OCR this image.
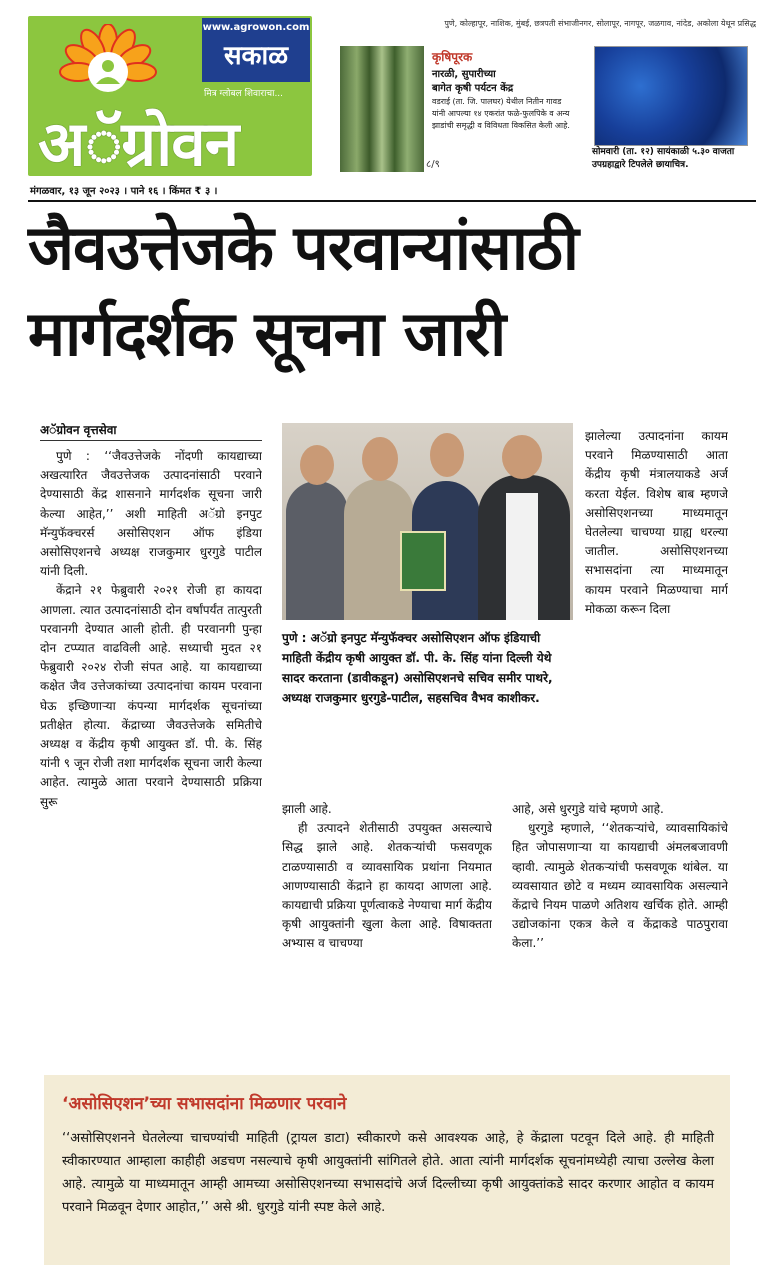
www.agrowon.com
सकाळ
मित्र ग्लोबल शिवाराचा...
अॅग्रोवन
पुणे, कोल्हापूर, नाशिक, मुंबई, छत्रपती संभाजीनगर, सोलापूर, नागपूर, जळगाव, नांदेड, अकोला येथून प्रसिद्ध
८/९
कृषिपूरक
नारळी, सुपारीच्या
बागेत कृषी पर्यटन केंद्र
वडराई (ता. जि. पालघर) येथील नितीन गावड यांनी आपल्या १४ एकरांत फळे-फुलपिके व अन्य झाडांची समृद्धी व विविधता विकसित केली आहे.
सोमवारी (ता. १२) सायंकाळी ५.३० वाजता उपग्रहाद्वारे टिपलेले छायाचित्र.
मंगळवार, १३ जून २०२३ । पाने १६ । किंमत ₹ ३ ।
जैवउत्तेजके परवान्यांसाठी
मार्गदर्शक सूचना जारी
अॅग्रोवन वृत्तसेवा

पुणे : ‘‘जैवउत्तेजके नोंदणी कायद्याच्या अखत्यारित जैवउत्तेजक उत्पादनांसाठी परवाने देण्यासाठी केंद्र शासनाने मार्गदर्शक सूचना जारी केल्या आहेत,’’ अशी माहिती अॅग्रो इनपुट मॅन्युफॅक्चरर्स असोसिएशन ऑफ इंडिया असोसिएशनचे अध्यक्ष राजकुमार धुरगुडे पाटील यांनी दिली.

केंद्राने २१ फेब्रुवारी २०२१ रोजी हा कायदा आणला. त्यात उत्पादनांसाठी दोन वर्षांपर्यंत तात्पुरती परवानगी देण्यात आली होती. ही परवानगी पुन्हा दोन टप्प्यात वाढविली आहे. सध्याची मुदत २१ फेब्रुवारी २०२४ रोजी संपत आहे. या कायद्याच्या कक्षेत जैव उत्तेजकांच्या उत्पादनांचा कायम परवाना घेऊ इच्छिणाऱ्या कंपन्या मार्गदर्शक सूचनांच्या प्रतीक्षेत होत्या. केंद्राच्या जैवउत्तेजके समितीचे अध्यक्ष व केंद्रीय कृषी आयुक्त डॉ. पी. के. सिंह यांनी ९ जून रोजी तशा मार्गदर्शक सूचना जारी केल्या आहेत. त्यामुळे आता परवाने देण्यासाठी प्रक्रिया सुरू

पुणे : अॅग्रो इनपुट मॅन्युफॅक्चर असोसिएशन ऑफ इंडियाची माहिती केंद्रीय कृषी आयुक्त डॉ. पी. के. सिंह यांना दिल्ली येथे सादर करताना (डावीकडून) असोसिएशनचे सचिव समीर पाथरे, अध्यक्ष राजकुमार धुरगुडे-पाटील, सहसचिव वैभव काशीकर.

झालेल्या उत्पादनांना कायम परवाने मिळण्यासाठी आता केंद्रीय कृषी मंत्रालयाकडे अर्ज करता येईल. विशेष बाब म्हणजे असोसिएशनच्या माध्यमातून घेतलेल्या चाचण्या ग्राह्य धरल्या जातील. असोसिएशनच्या सभासदांना त्या माध्यमातून कायम परवाने मिळण्याचा मार्ग मोकळा करून दिला

झाली आहे.

ही उत्पादने शेतीसाठी उपयुक्त असल्याचे सिद्ध झाले आहे. शेतकऱ्यांची फसवणूक टाळण्यासाठी व व्यावसायिक प्रथांना नियमात आणण्यासाठी केंद्राने हा कायदा आणला आहे. कायद्याची प्रक्रिया पूर्णत्वाकडे नेण्याचा मार्ग केंद्रीय कृषी आयुक्तांनी खुला केला आहे. विषाक्तता अभ्यास व चाचण्या

आहे, असे धुरगुडे यांचे म्हणणे आहे.

धुरगुडे म्हणाले, ‘‘शेतकऱ्यांचे, व्यावसायिकांचे हित जोपासणाऱ्या या कायद्याची अंमलबजावणी व्हावी. त्यामुळे शेतकऱ्यांची फसवणूक थांबेल. या व्यवसायात छोटे व मध्यम व्यावसायिक असल्याने केंद्राचे नियम पाळणे अतिशय खर्चिक होते. आम्ही उद्योजकांना एकत्र केले व केंद्राकडे पाठपुरावा केला.’’

‘असोसिएशन’च्या सभासदांना मिळणार परवाने
‘‘असोसिएशनने घेतलेल्या चाचण्यांची माहिती (ट्रायल डाटा) स्वीकारणे कसे आवश्यक आहे, हे केंद्राला पटवून दिले आहे. ही माहिती स्वीकारण्यात आम्हाला काहीही अडचण नसल्याचे कृषी आयुक्तांनी सांगितले होते. आता त्यांनी मार्गदर्शक सूचनांमध्येही त्याचा उल्लेख केला आहे. त्यामुळे या माध्यमातून आम्ही आमच्या असोसिएशनच्या सभासदांचे अर्ज दिल्लीच्या कृषी आयुक्तांकडे सादर करणार आहोत व कायम परवाने मिळवून देणार आहोत,’’ असे श्री. धुरगुडे यांनी स्पष्ट केले आहे.
